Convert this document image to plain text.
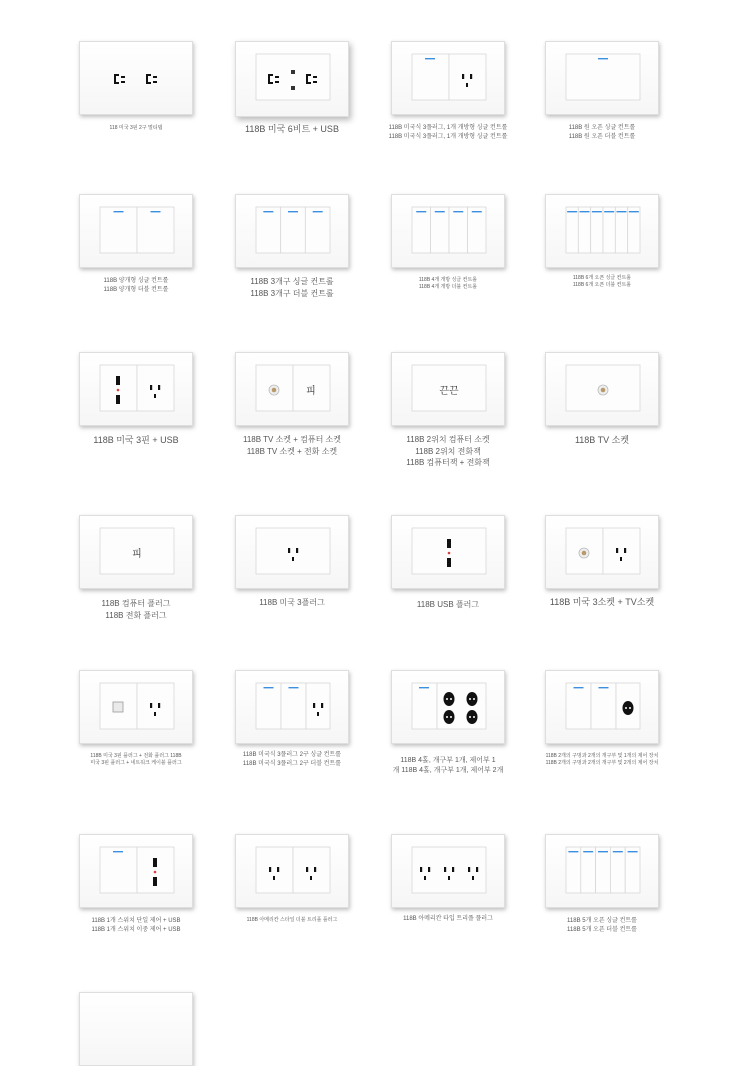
118 미국 3핀 2구 멀티탭	118B 미국 6비트 + USB	118B 미국식 3플러그, 1개 개방형 싱글 컨트롤
118B 미국식 3플러그, 1개 개방형 싱글 컨트롤
118B 원 오픈 싱글 컨트롤
118B 원 오픈 더블 컨트롤
118B 양개형 싱글 컨트롤
118B 양개형 더블 컨트롤
118B 3개구 싱글 컨트롤
118B 3개구 더블 컨트롤
118B 4개 개방 싱글 컨트롤
118B 4개 개방 더블 컨트롤
118B 6개 오픈 싱글 컨트롤
118B 6개 오픈 더블 컨트롤
118B 미국 3핀 + USB
피
118B TV 소켓 + 컴퓨터 소켓
118B TV 소켓 + 전화 소켓
끈끈
118B 2위치 컴퓨터 소켓
118B 2위치 전화잭
118B 컴퓨터잭 + 전화잭
118B TV 소켓
피
118B 컴퓨터 플러그
118B 전화 플러그
118B 미국 3플러그	118B USB 플러그	118B 미국 3소켓 + TV소켓
118B 미국 3핀 플러그 + 전화 플러그 118B
미국 3핀 플러그 + 네트워크 케이블 플러그
118B 미국식 3플러그 2구 싱글 컨트롤
118B 미국식 3플러그 2구 더블 컨트롤	118B 4홀, 개구부 1개, 제어부 1
개 118B 4홀, 개구부 1개, 제어부 2개
118B 2개의 구멍과 2개의 개구부 및 1개의 제어 장치
118B 2개의 구멍과 2개의 개구부 및 2개의 제어 장치
118B 1개 스위치 단일 제어 + USB
118B 1개 스위치 이중 제어 + USB
118B 아메리칸 스타일 더블 트리플 플러그	118B 아메리칸 타입 트리플 플러그	118B 5개 오픈 싱글 컨트롤
118B 5개 오픈 더블 컨트롤
